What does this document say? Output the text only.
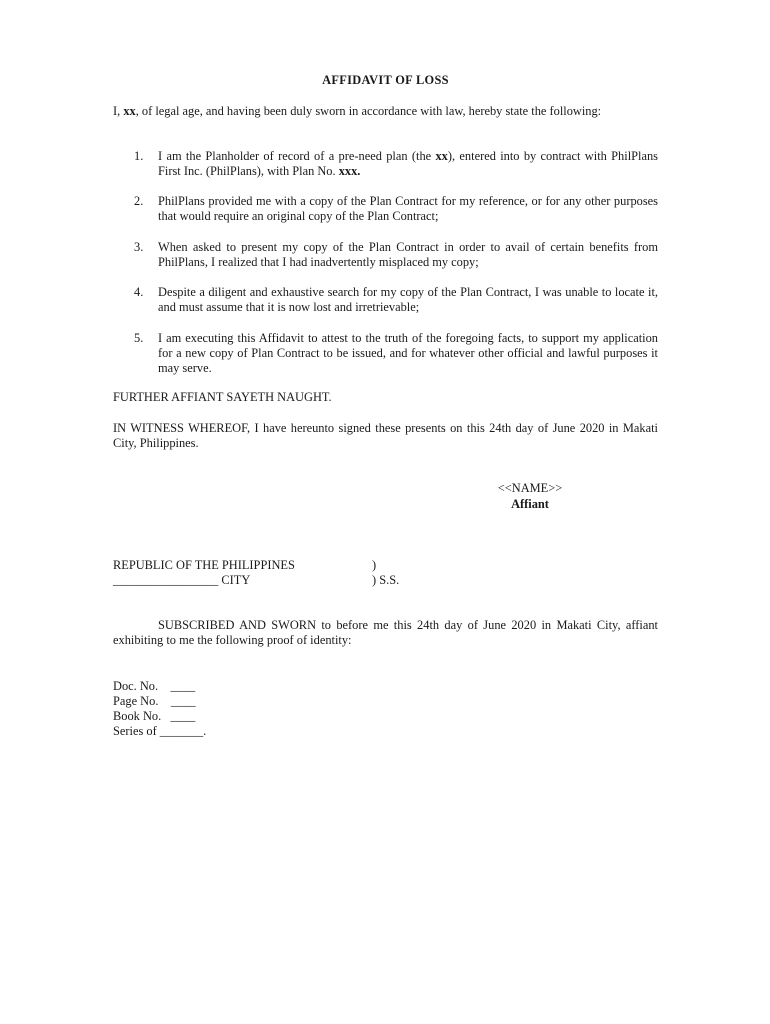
AFFIDAVIT OF LOSS
I, xx, of legal age, and having been duly sworn in accordance with law, hereby state the following:
1.	I am the Planholder of record of a pre-need plan (the xx), entered into by contract with PhilPlans First Inc. (PhilPlans), with Plan No. xxx.
2.	PhilPlans provided me with a copy of the Plan Contract for my reference, or for any other purposes that would require an original copy of the Plan Contract;
3.	When asked to present my copy of the Plan Contract in order to avail of certain benefits from PhilPlans, I realized that I had inadvertently misplaced my copy;
4.	Despite a diligent and exhaustive search for my copy of the Plan Contract, I was unable to locate it, and must assume that it is now lost and irretrievable;
5.	I am executing this Affidavit to attest to the truth of the foregoing facts, to support my application for a new copy of Plan Contract to be issued, and for whatever other official and lawful purposes it may serve.
FURTHER AFFIANT SAYETH NAUGHT.
IN WITNESS WHEREOF, I have hereunto signed these presents on this 24th day of June 2020 in Makati City, Philippines.
<<NAME>>
Affiant
REPUBLIC OF THE PHILIPPINES	)
_________________ CITY	) S.S.
SUBSCRIBED AND SWORN to before me this 24th day of June 2020 in Makati City, affiant exhibiting to me the following proof of identity:
Doc. No.    ____
Page No.    ____
Book No.   ____
Series of _______.
